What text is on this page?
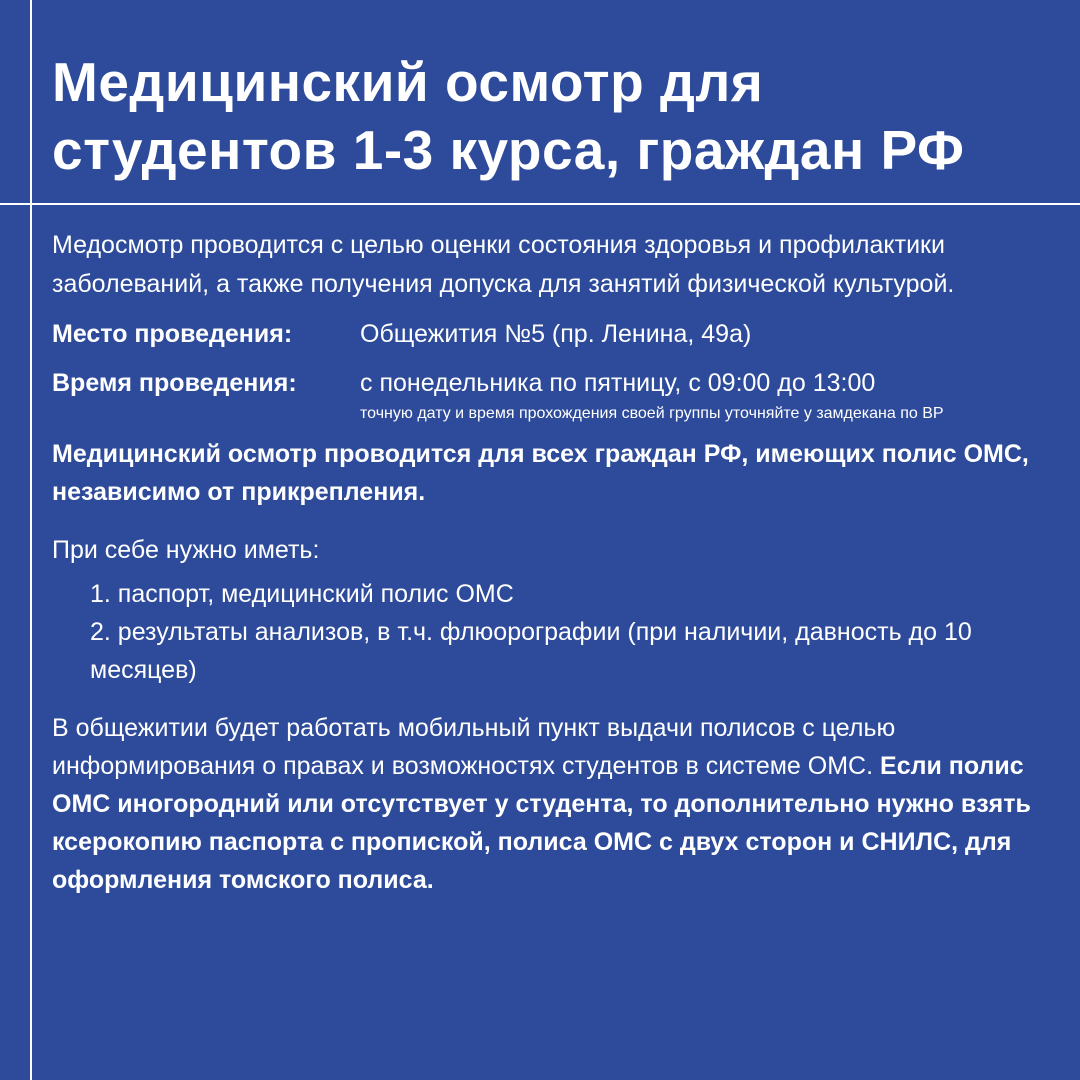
Медицинский осмотр для
студентов 1-3 курса, граждан РФ

Медосмотр проводится с целью оценки состояния здоровья и профилактики заболеваний, а также получения допуска для занятий физической культурой.

Место проведения:	Общежития №5 (пр. Ленина, 49а)
Время проведения:	с понедельника по пятницу, с 09:00 до 13:00
точную дату и время прохождения своей группы уточняйте у замдекана по ВР

Медицинский осмотр проводится для всех граждан РФ, имеющих полис ОМС, независимо от прикрепления.

При себе нужно иметь:

1. паспорт, медицинский полис ОМС
2. результаты анализов, в т.ч. флюорографии (при наличии, давность до 10 месяцев)

В общежитии будет работать мобильный пункт выдачи полисов с целью информирования о правах и возможностях студентов в системе ОМС. Если полис ОМС иногородний или отсутствует у студента, то дополнительно нужно взять ксерокопию паспорта с пропиской, полиса ОМС с двух сторон и СНИЛС, для оформления томского полиса.
